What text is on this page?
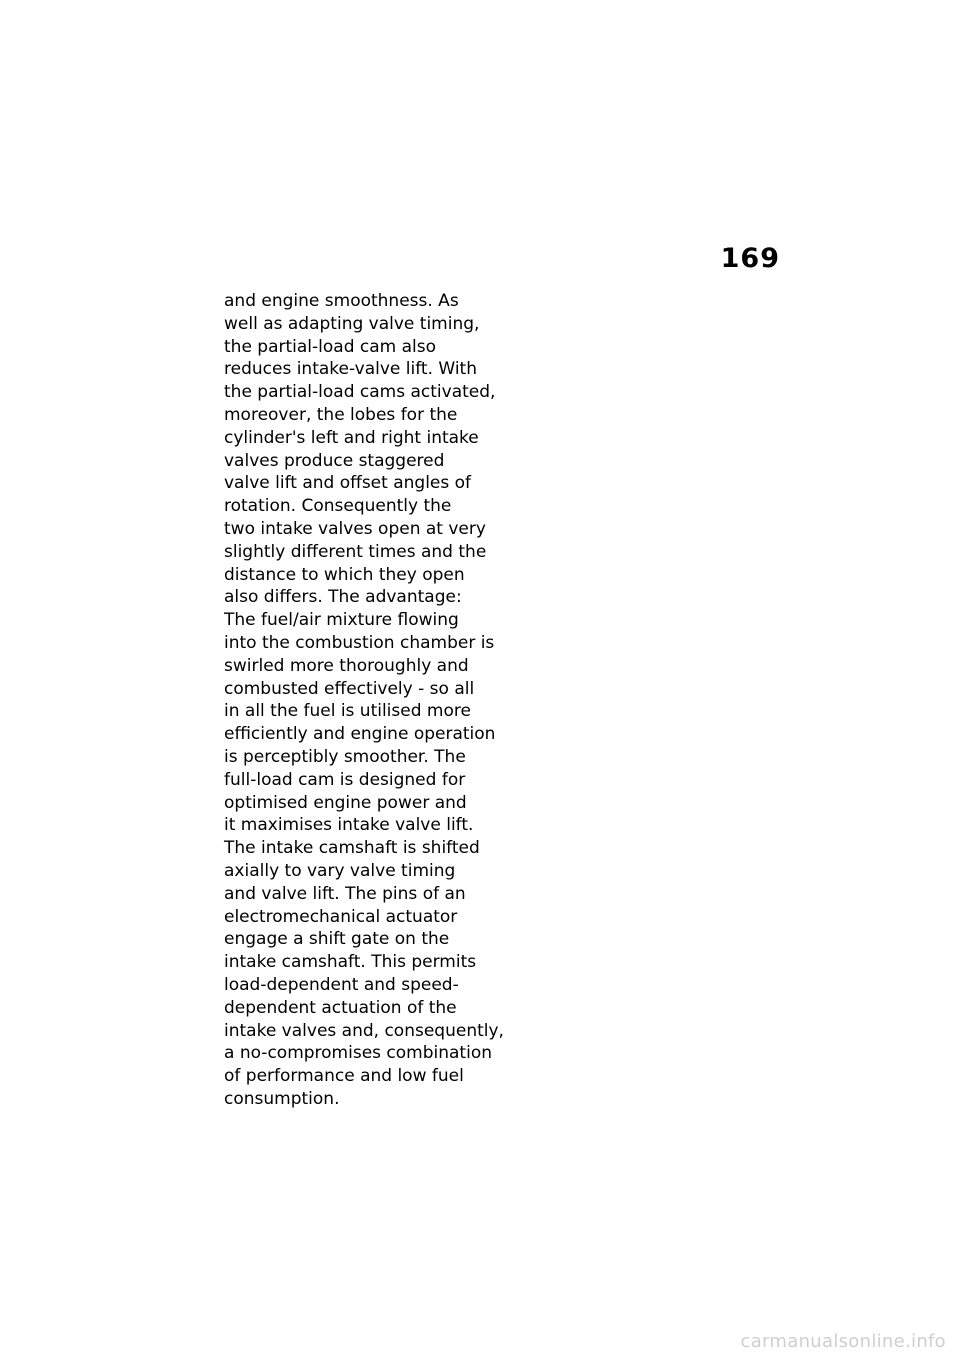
169
and engine smoothness. As
well as adapting valve timing,
the partial-load cam also
reduces intake-valve lift. With
the partial-load cams activated,
moreover, the lobes for the
cylinder's left and right intake
valves produce staggered
valve lift and offset angles of
rotation. Consequently the
two intake valves open at very
slightly different times and the
distance to which they open
also differs. The advantage:
The fuel/air mixture flowing
into the combustion chamber is
swirled more thoroughly and
combusted effectively - so all
in all the fuel is utilised more
efficiently and engine operation
is perceptibly smoother. The
full-load cam is designed for
optimised engine power and
it maximises intake valve lift.
The intake camshaft is shifted
axially to vary valve timing
and valve lift. The pins of an
electromechanical actuator
engage a shift gate on the
intake camshaft. This permits
load-dependent and speed-
dependent actuation of the
intake valves and, consequently,
a no-compromises combination
of performance and low fuel
consumption.
carmanualsonline.info
